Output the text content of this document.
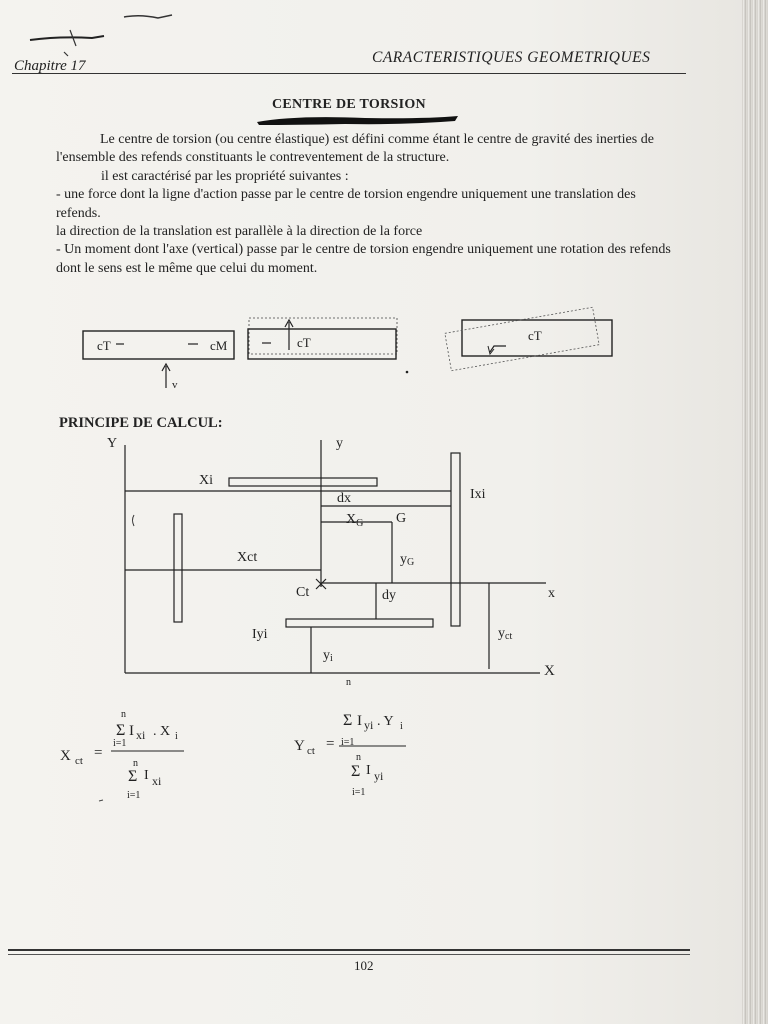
Chapitre 17	CARACTERISTIQUES GEOMETRIQUES
CENTRE DE TORSION

Le centre de torsion (ou centre élastique) est défini comme étant le centre de gravité des inerties de l'ensemble des refends constituants le contreventement de la structure.

il est caractérisé par les propriété suivantes :

- une force dont la ligne d'action passe par le centre de torsion engendre uniquement une translation des refends.

la direction de la translation est parallèle à la direction de la force

- Un moment dont l'axe (vertical) passe par le centre de torsion engendre uniquement une rotation des refends dont le sens est le même que celui du moment.

cT	cM
v
cT	cT
PRINCIPE DE CALCUL:
Y	y
Xi
Ixi
dx
$X_G$ G
Xct	yG
Ct	dy	x
Iyi	yct
yi
X
X ct =
n
Σ I xi . X i
i=1
n
Σ I xi
i=1
Y ct =
n
Σ I yi . Y i
i=1
n
Σ I yi
i=1
102
